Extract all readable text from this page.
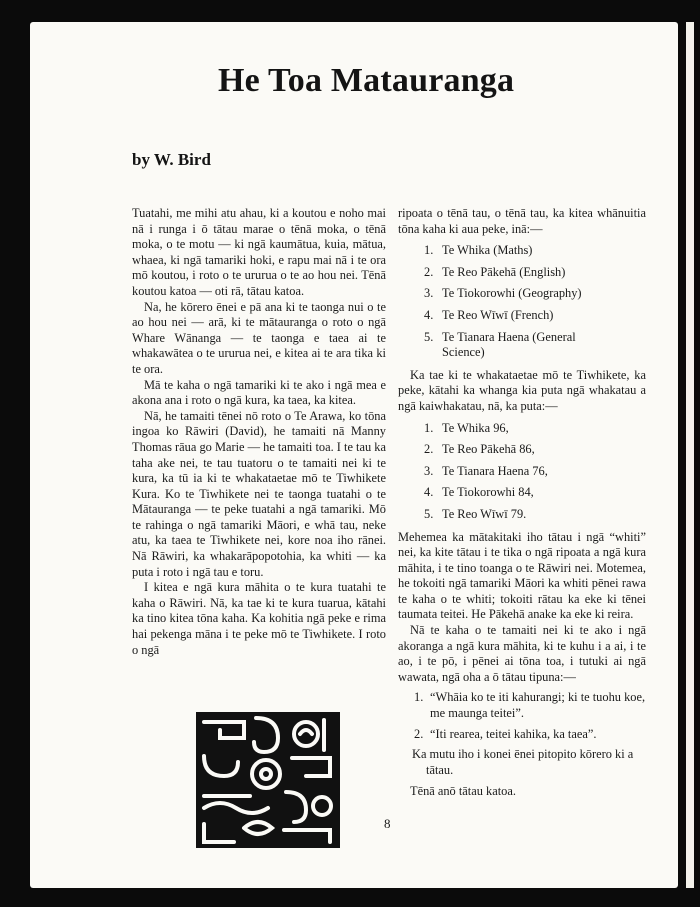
He Toa Matauranga

by W. Bird

Tuatahi, me mihi atu ahau, ki a koutou e noho mai nā i runga i ō tātau marae o tēnā moka, o tēnā moka, o te motu — ki ngā kaumātua, kuia, mātua, whaea, ki ngā tamariki hoki, e rapu mai nā i te ora mō koutou, i roto o te ururua o te ao hou nei. Tēnā koutou katoa — oti rā, tātau katoa.

Na, he kōrero ēnei e pā ana ki te taonga nui o te ao hou nei — arā, ki te mātauranga o roto o ngā Whare Wānanga — te taonga e taea ai te whakawātea o te ururua nei, e kitea ai te ara tika ki te ora.

Mā te kaha o ngā tamariki ki te ako i ngā mea e akona ana i roto o ngā kura, ka taea, ka kitea.

Nā, he tamaiti tēnei nō roto o Te Arawa, ko tōna ingoa ko Rāwiri (David), he tamaiti nā Manny Thomas rāua go Marie — he tamaiti toa. I te tau ka taha ake nei, te tau tuatoru o te tamaiti nei ki te kura, ka tū ia ki te whakataetae mō te Tiwhikete Kura. Ko te Tiwhikete nei te taonga tuatahi o te Mātauranga — te peke tuatahi a ngā tamariki. Mō te rahinga o ngā tamariki Māori, e whā tau, neke atu, ka taea te Tiwhikete nei, kore noa iho rānei. Nā Rāwiri, ka whakarāpopotohia, ka whiti — ka puta i roto i ngā tau e toru.

I kitea e ngā kura māhita o te kura tuatahi te kaha o Rāwiri. Nā, ka tae ki te kura tuarua, kātahi ka tino kitea tōna kaha. Ka kohitia ngā peke e rima hai pekenga māna i te peke mō te Tiwhikete. I roto o ngā

ripoata o tēnā tau, o tēnā tau, ka kitea whānuitia tōna kaha ki aua peke, inā:—

1. Te Whika (Maths)
2. Te Reo Pākehā (English)
3. Te Tiokorowhi (Geography)
4. Te Reo Wīwī (French)
5. Te Tianara Haena (General Science)

Ka tae ki te whakataetae mō te Tiwhikete, ka peke, kātahi ka whanga kia puta ngā whakatau a ngā kaiwhakatau, nā, ka puta:—

1. Te Whika 96,
2. Te Reo Pākehā 86,
3. Te Tianara Haena 76,
4. Te Tiokorowhi 84,
5. Te Reo Wīwī 79.

Mehemea ka mātakitaki iho tātau i ngā “whiti” nei, ka kite tātau i te tika o ngā ripoata a ngā kura māhita, i te tino toanga o te Rāwiri nei. Motemea, he tokoiti ngā tamariki Māori ka whiti pēnei rawa te kaha o te whiti; tokoiti rātau ka eke ki tēnei taumata teitei. He Pākehā anake ka eke ki reira.

Nā te kaha o te tamaiti nei ki te ako i ngā akoranga a ngā kura māhita, ki te kuhu i a ai, i te ao, i te pō, i pēnei ai tōna toa, i tutuki ai ngā wawata, ngā oha a ō tātau tipuna:—

1. “Whāia ko te iti kahurangi; ki te tuohu koe, me maunga teitei”.
2. “Iti rearea, teitei kahika, ka taea”.

Ka mutu iho i konei ēnei pitopito kōrero ki a tātau.

Tēnā anō tātau katoa.

8
